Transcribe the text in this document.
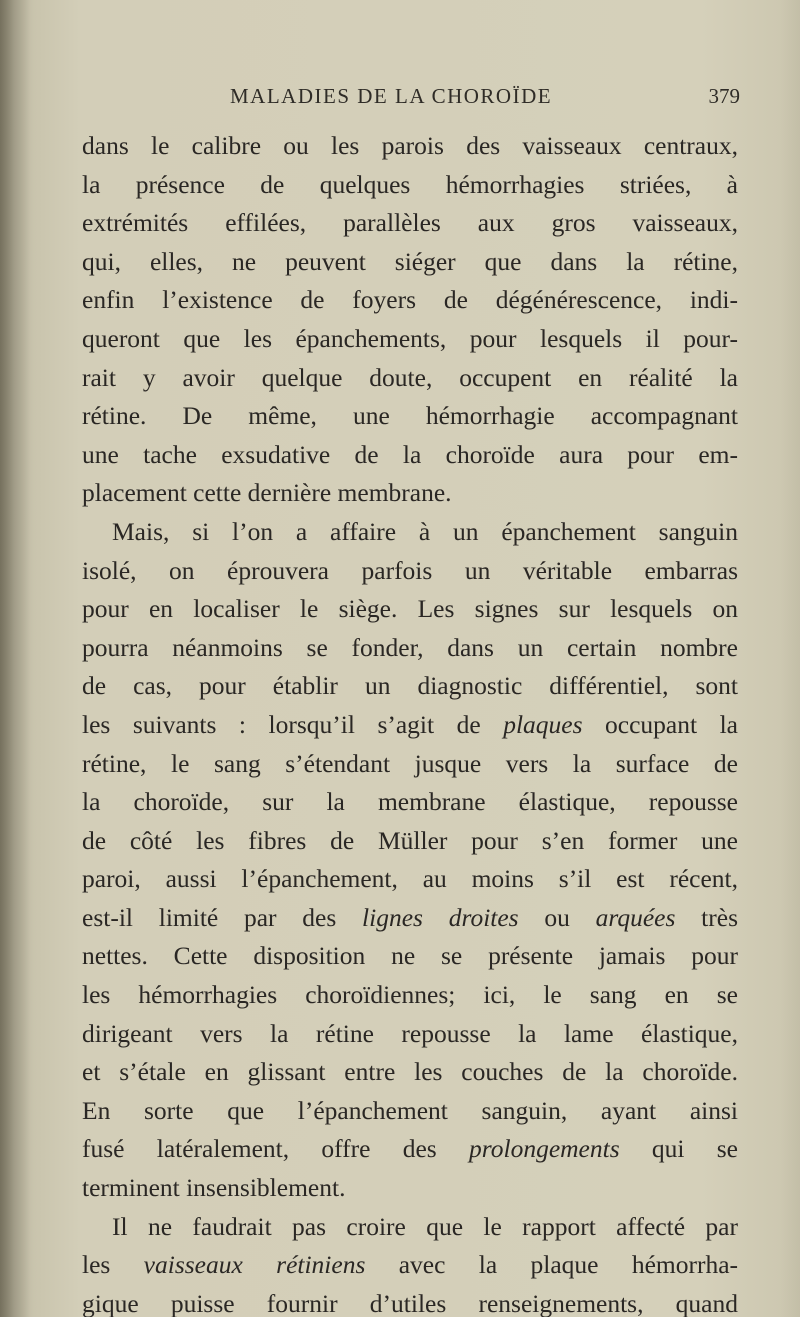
MALADIES DE LA CHOROÏDE	379
dans le calibre ou les parois des vaisseaux centraux,
la présence de quelques hémorrhagies striées, à
extrémités effilées, parallèles aux gros vaisseaux,
qui, elles, ne peuvent siéger que dans la rétine,
enfin l’existence de foyers de dégénérescence, indi-
queront que les épanchements, pour lesquels il pour-
rait y avoir quelque doute, occupent en réalité la
rétine. De même, une hémorrhagie accompagnant
une tache exsudative de la choroïde aura pour em-
placement cette dernière membrane.
Mais, si l’on a affaire à un épanchement sanguin
isolé, on éprouvera parfois un véritable embarras
pour en localiser le siège. Les signes sur lesquels on
pourra néanmoins se fonder, dans un certain nombre
de cas, pour établir un diagnostic différentiel, sont
les suivants : lorsqu’il s’agit de plaques occupant la
rétine, le sang s’étendant jusque vers la surface de
la choroïde, sur la membrane élastique, repousse
de côté les fibres de Müller pour s’en former une
paroi, aussi l’épanchement, au moins s’il est récent,
est-il limité par des lignes droites ou arquées très
nettes. Cette disposition ne se présente jamais pour
les hémorrhagies choroïdiennes; ici, le sang en se
dirigeant vers la rétine repousse la lame élastique,
et s’étale en glissant entre les couches de la choroïde.
En sorte que l’épanchement sanguin, ayant ainsi
fusé latéralement, offre des prolongements qui se
terminent insensiblement.
Il ne faudrait pas croire que le rapport affecté par
les vaisseaux rétiniens avec la plaque hémorrha-
gique puisse fournir d’utiles renseignements, quand
